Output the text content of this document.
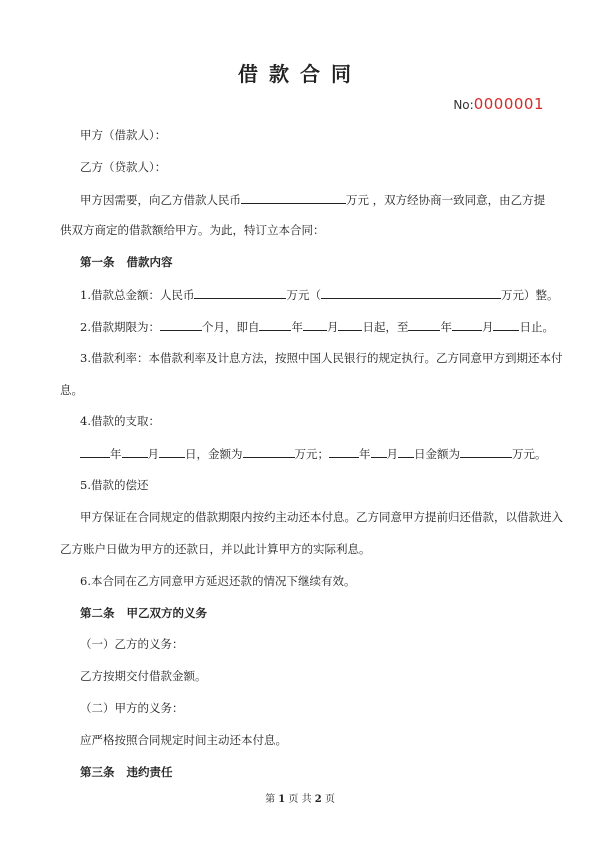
借款合同
No:0000001
甲方（借款人）：
乙方（贷款人）：
甲方因需要，向乙方借款人民币	万元 ，双方经协商一致同意，由乙方提
供双方商定的借款额给甲方。为此，特订立本合同：
第一条 借款内容
1.借款总金额：人民币	万元（	万元）整。
2.借款期限为：	个月，即自	年 月 日起，至	年	月 日止。
3.借款利率：本借款利率及计息方法，按照中国人民银行的规定执行。乙方同意甲方到期还本付
息。
4.借款的支取：
年 月 日，金额为	万元；	年 月 日金额为	万元。
5.借款的偿还
甲方保证在合同规定的借款期限内按约主动还本付息。乙方同意甲方提前归还借款，以借款进入
乙方账户日做为甲方的还款日，并以此计算甲方的实际利息。
6.本合同在乙方同意甲方延迟还款的情况下继续有效。
第二条 甲乙双方的义务
（一）乙方的义务：
乙方按期交付借款金额。
（二）甲方的义务：
应严格按照合同规定时间主动还本付息。
第三条 违约责任
第 1 页 共 2 页
